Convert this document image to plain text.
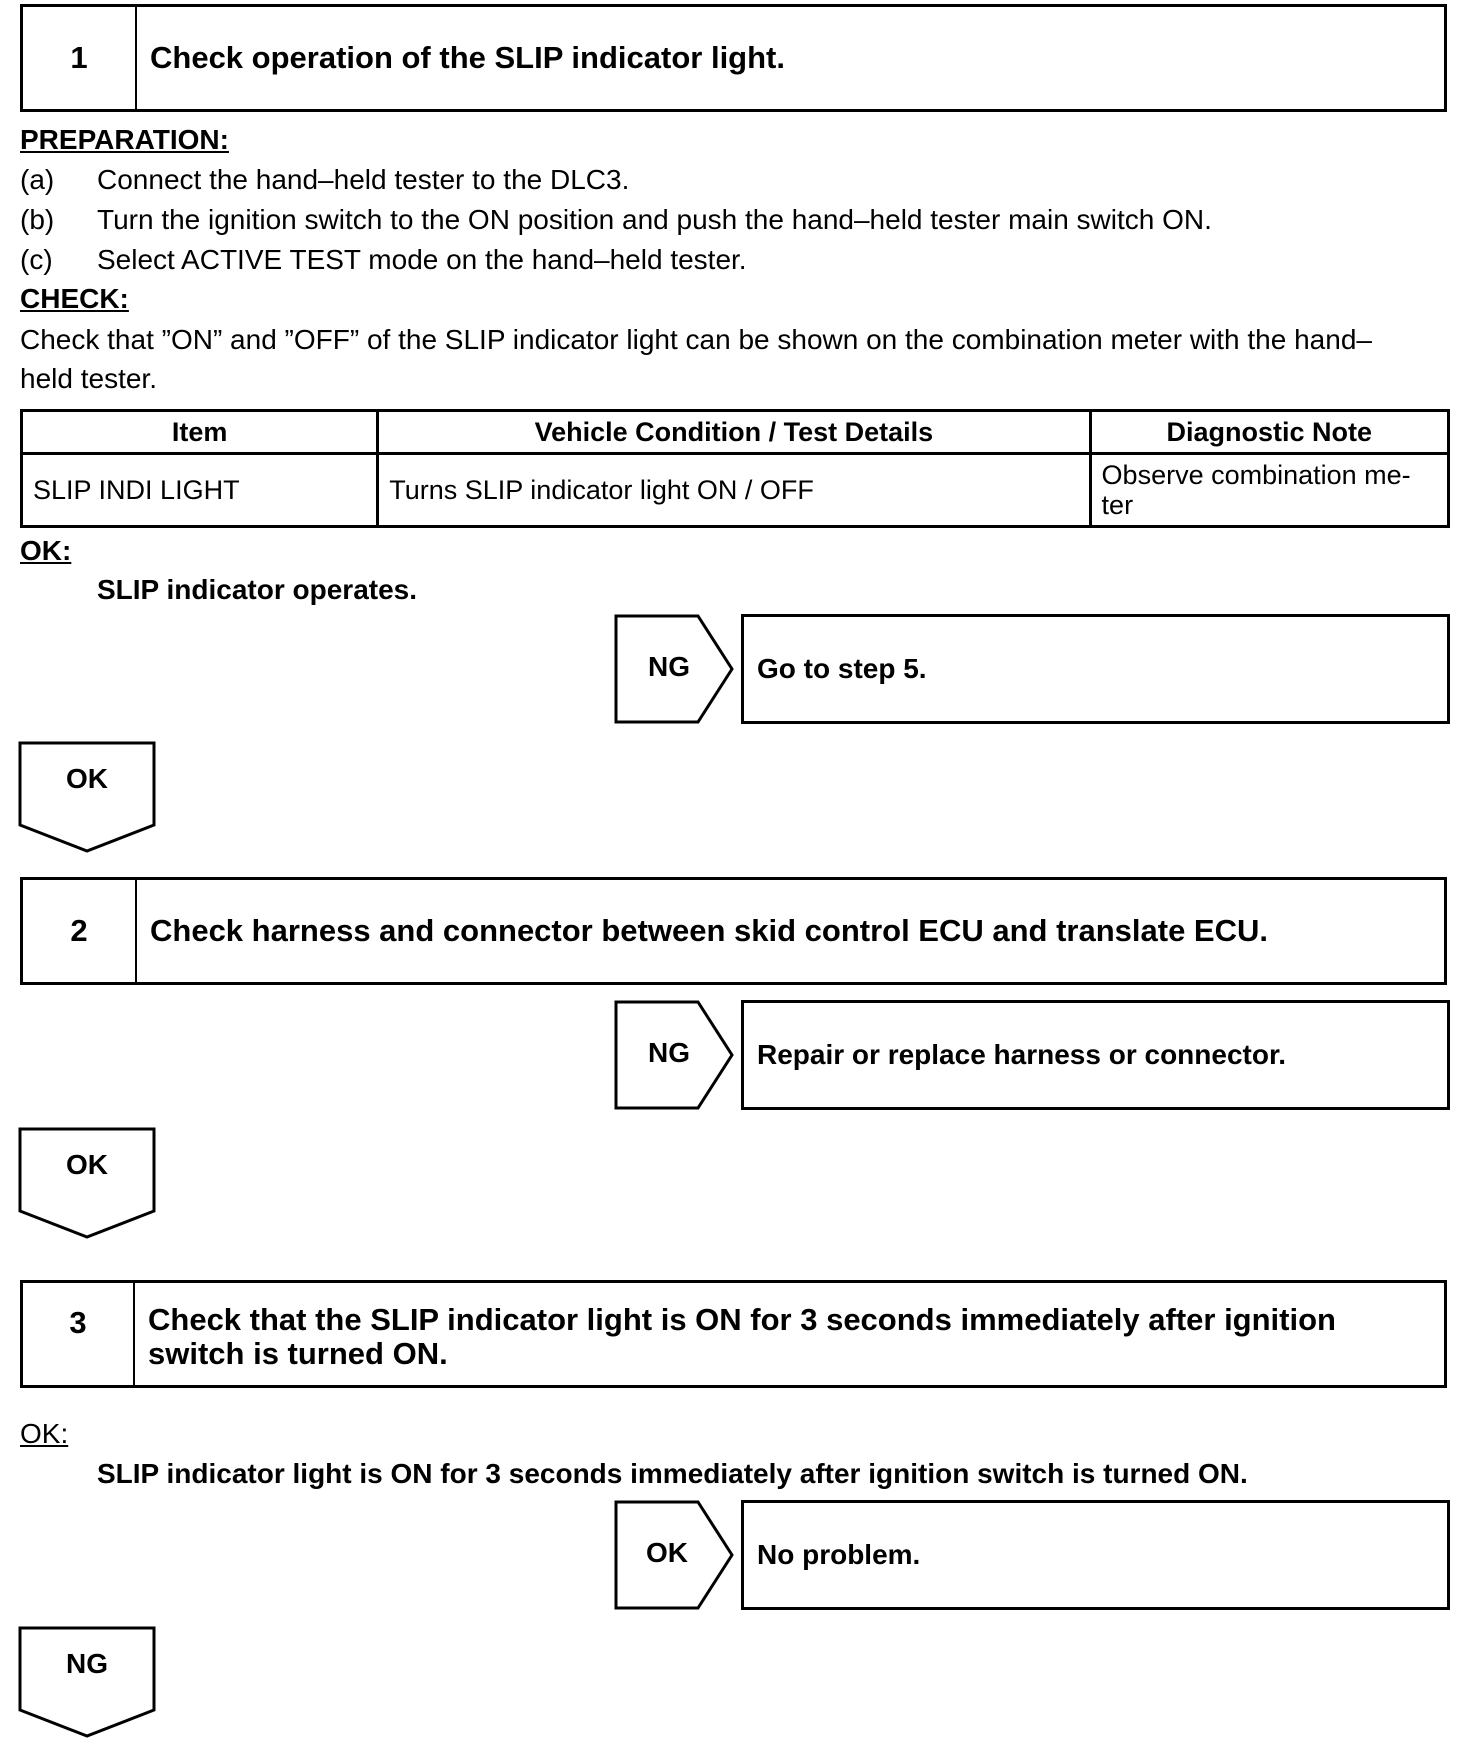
1	Check operation of the SLIP indicator light.
PREPARATION:
(a)	Connect the hand–held tester to the DLC3.
(b)	Turn the ignition switch to the ON position and push the hand–held tester main switch ON.
(c)	Select ACTIVE TEST mode on the hand–held tester.
CHECK:
Check that ”ON” and ”OFF” of the SLIP indicator light can be shown on the combination meter with the hand–
held tester.
Item	Vehicle Condition / Test Details	Diagnostic Note
SLIP INDI LIGHT	Turns SLIP indicator light ON / OFF	Observe combination me-
ter
OK:
SLIP indicator operates.
NG Go to step 5.
OK
2	Check harness and connector between skid control ECU and translate ECU.
NG Repair or replace harness or connector.
OK
3	Check that the SLIP indicator light is ON for 3 seconds immediately after ignition
switch is turned ON.
OK:
SLIP indicator light is ON for 3 seconds immediately after ignition switch is turned ON.
OK No problem.
NG
